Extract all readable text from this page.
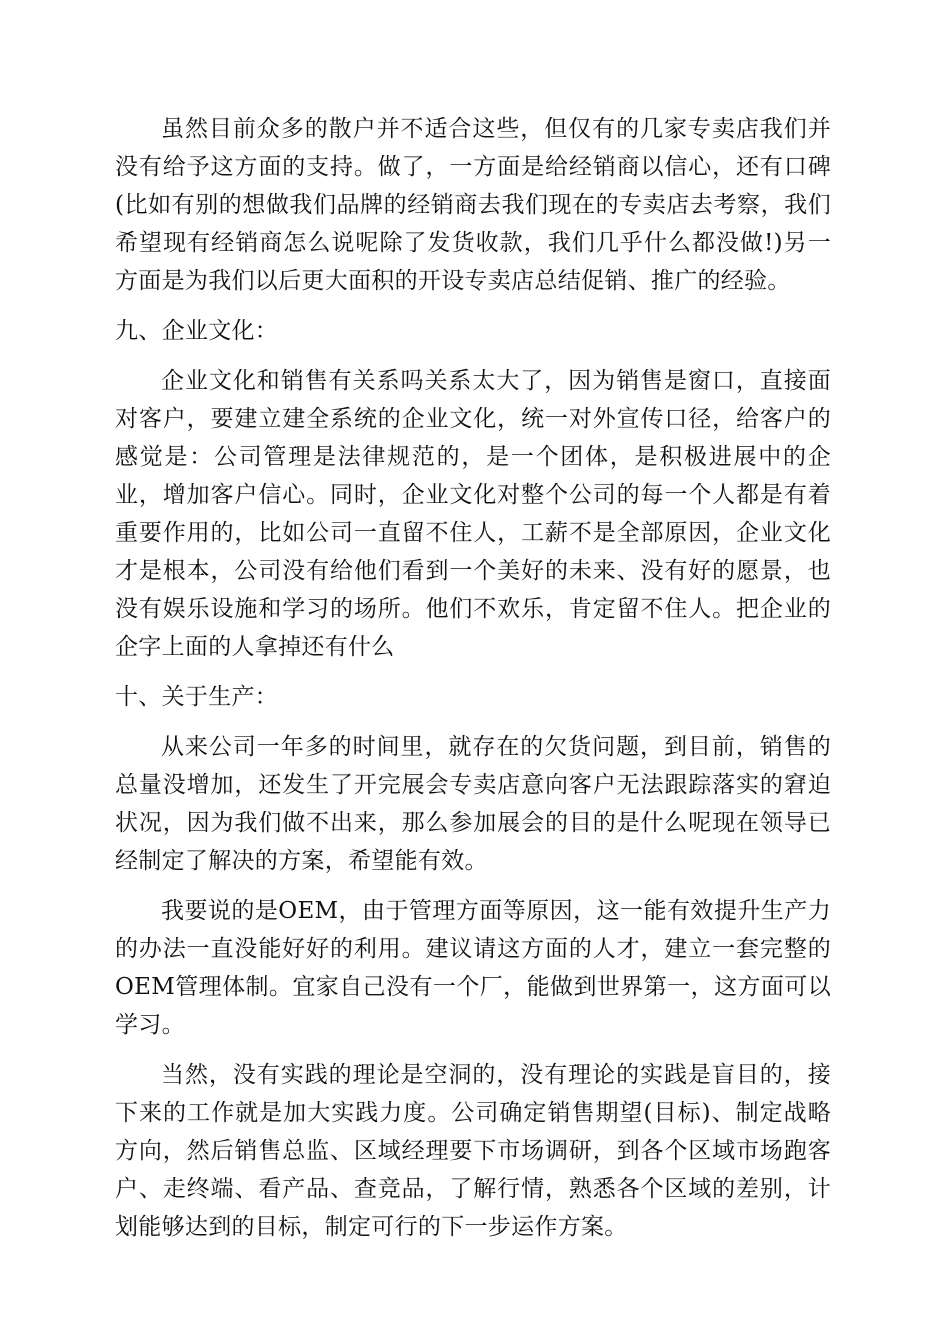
虽然目前众多的散户并不适合这些，但仅有的几家专卖店我们并没有给予这方面的支持。做了，一方面是给经销商以信心，还有口碑(比如有别的想做我们品牌的经销商去我们现在的专卖店去考察，我们希望现有经销商怎么说呢除了发货收款，我们几乎什么都没做!)另一方面是为我们以后更大面积的开设专卖店总结促销、推广的经验。

九、企业文化：

企业文化和销售有关系吗关系太大了，因为销售是窗口，直接面对客户，要建立建全系统的企业文化，统一对外宣传口径，给客户的感觉是：公司管理是法律规范的，是一个团体，是积极进展中的企业，增加客户信心。同时，企业文化对整个公司的每一个人都是有着重要作用的，比如公司一直留不住人，工薪不是全部原因，企业文化才是根本，公司没有给他们看到一个美好的未来、没有好的愿景，也没有娱乐设施和学习的场所。他们不欢乐，肯定留不住人。把企业的企字上面的人拿掉还有什么

十、关于生产：

从来公司一年多的时间里，就存在的欠货问题，到目前，销售的总量没增加，还发生了开完展会专卖店意向客户无法跟踪落实的窘迫状况，因为我们做不出来，那么参加展会的目的是什么呢现在领导已经制定了解决的方案，希望能有效。

我要说的是OEM，由于管理方面等原因，这一能有效提升生产力的办法一直没能好好的利用。建议请这方面的人才，建立一套完整的OEM管理体制。宜家自己没有一个厂，能做到世界第一，这方面可以学习。

当然，没有实践的理论是空洞的，没有理论的实践是盲目的，接下来的工作就是加大实践力度。公司确定销售期望(目标)、制定战略方向，然后销售总监、区域经理要下市场调研，到各个区域市场跑客户、走终端、看产品、查竞品，了解行情，熟悉各个区域的差别，计划能够达到的目标，制定可行的下一步运作方案。
